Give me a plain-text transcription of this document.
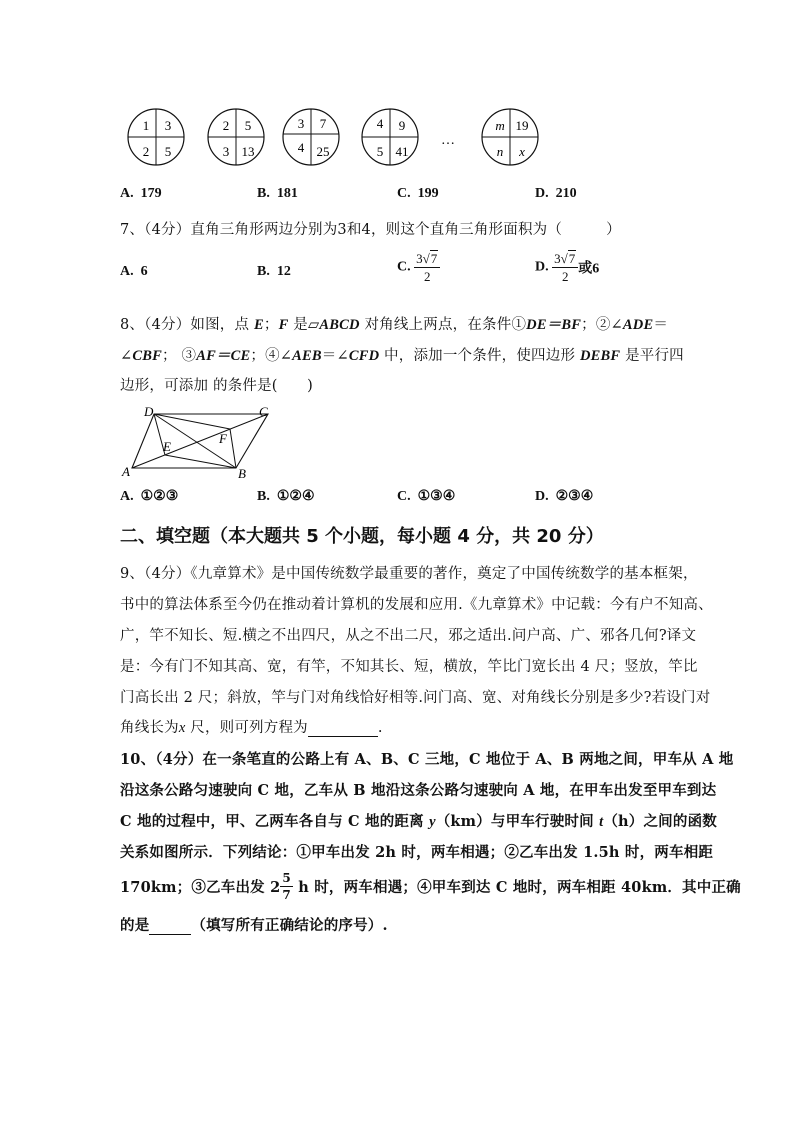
1 3
2 5
2 5
3 13
3 7
4 25
4 9
5 41
…
m 19
n x
A. 179	B. 181	C. 199	D. 210
7、（4分）直角三角形两边分别为3和4，则这个直角三角形面积为（　　　）
A. 6	B. 12	C. $\frac{3√7}{2}$	D. $\frac{3√7}{2}$ 或6
8、（4分）如图，点 E；F 是▱ABCD 对角线上两点，在条件①DE＝BF；②∠ADE＝
∠CBF； ③AF＝CE；④∠AEB＝∠CFD 中，添加一个条件，使四边形 DEBF 是平行四
边形，可添加 的条件是(　　)
D	C
A	B
E
F
A. ①②③	B. ①②④	C. ①③④	D. ②③④
二、填空题（本大题共 5 个小题，每小题 4 分，共 20 分）
9、（4分）《九章算术》是中国传统数学最重要的著作，奠定了中国传统数学的基本框架，
书中的算法体系至今仍在推动着计算机的发展和应用.《九章算术》中记载：今有户不知高、
广，竿不知长、短.横之不出四尺，从之不出二尺，邪之适出.问户高、广、邪各几何?译文
是：今有门不知其高、宽，有竿，不知其长、短，横放，竿比门宽长出 4 尺；竖放，竿比
门高长出 2 尺；斜放，竿与门对角线恰好相等.问门高、宽、对角线长分别是多少?若设门对
角线长为x 尺，则可列方程为	.
10、（4分）在一条笔直的公路上有 A、B、C 三地，C 地位于 A、B 两地之间，甲车从 A 地
沿这条公路匀速驶向 C 地，乙车从 B 地沿这条公路匀速驶向 A 地，在甲车出发至甲车到达
C 地的过程中，甲、乙两车各自与 C 地的距离 y（km）与甲车行驶时间 t（h）之间的函数
关系如图所示．下列结论：①甲车出发 2h 时，两车相遇；②乙车出发 1.5h 时，两车相距
170km；③乙车出发 $2 \frac{5}{7}$ h 时，两车相遇；④甲车到达 C 地时，两车相距 40km．其中正确
的是	（填写所有正确结论的序号）.
